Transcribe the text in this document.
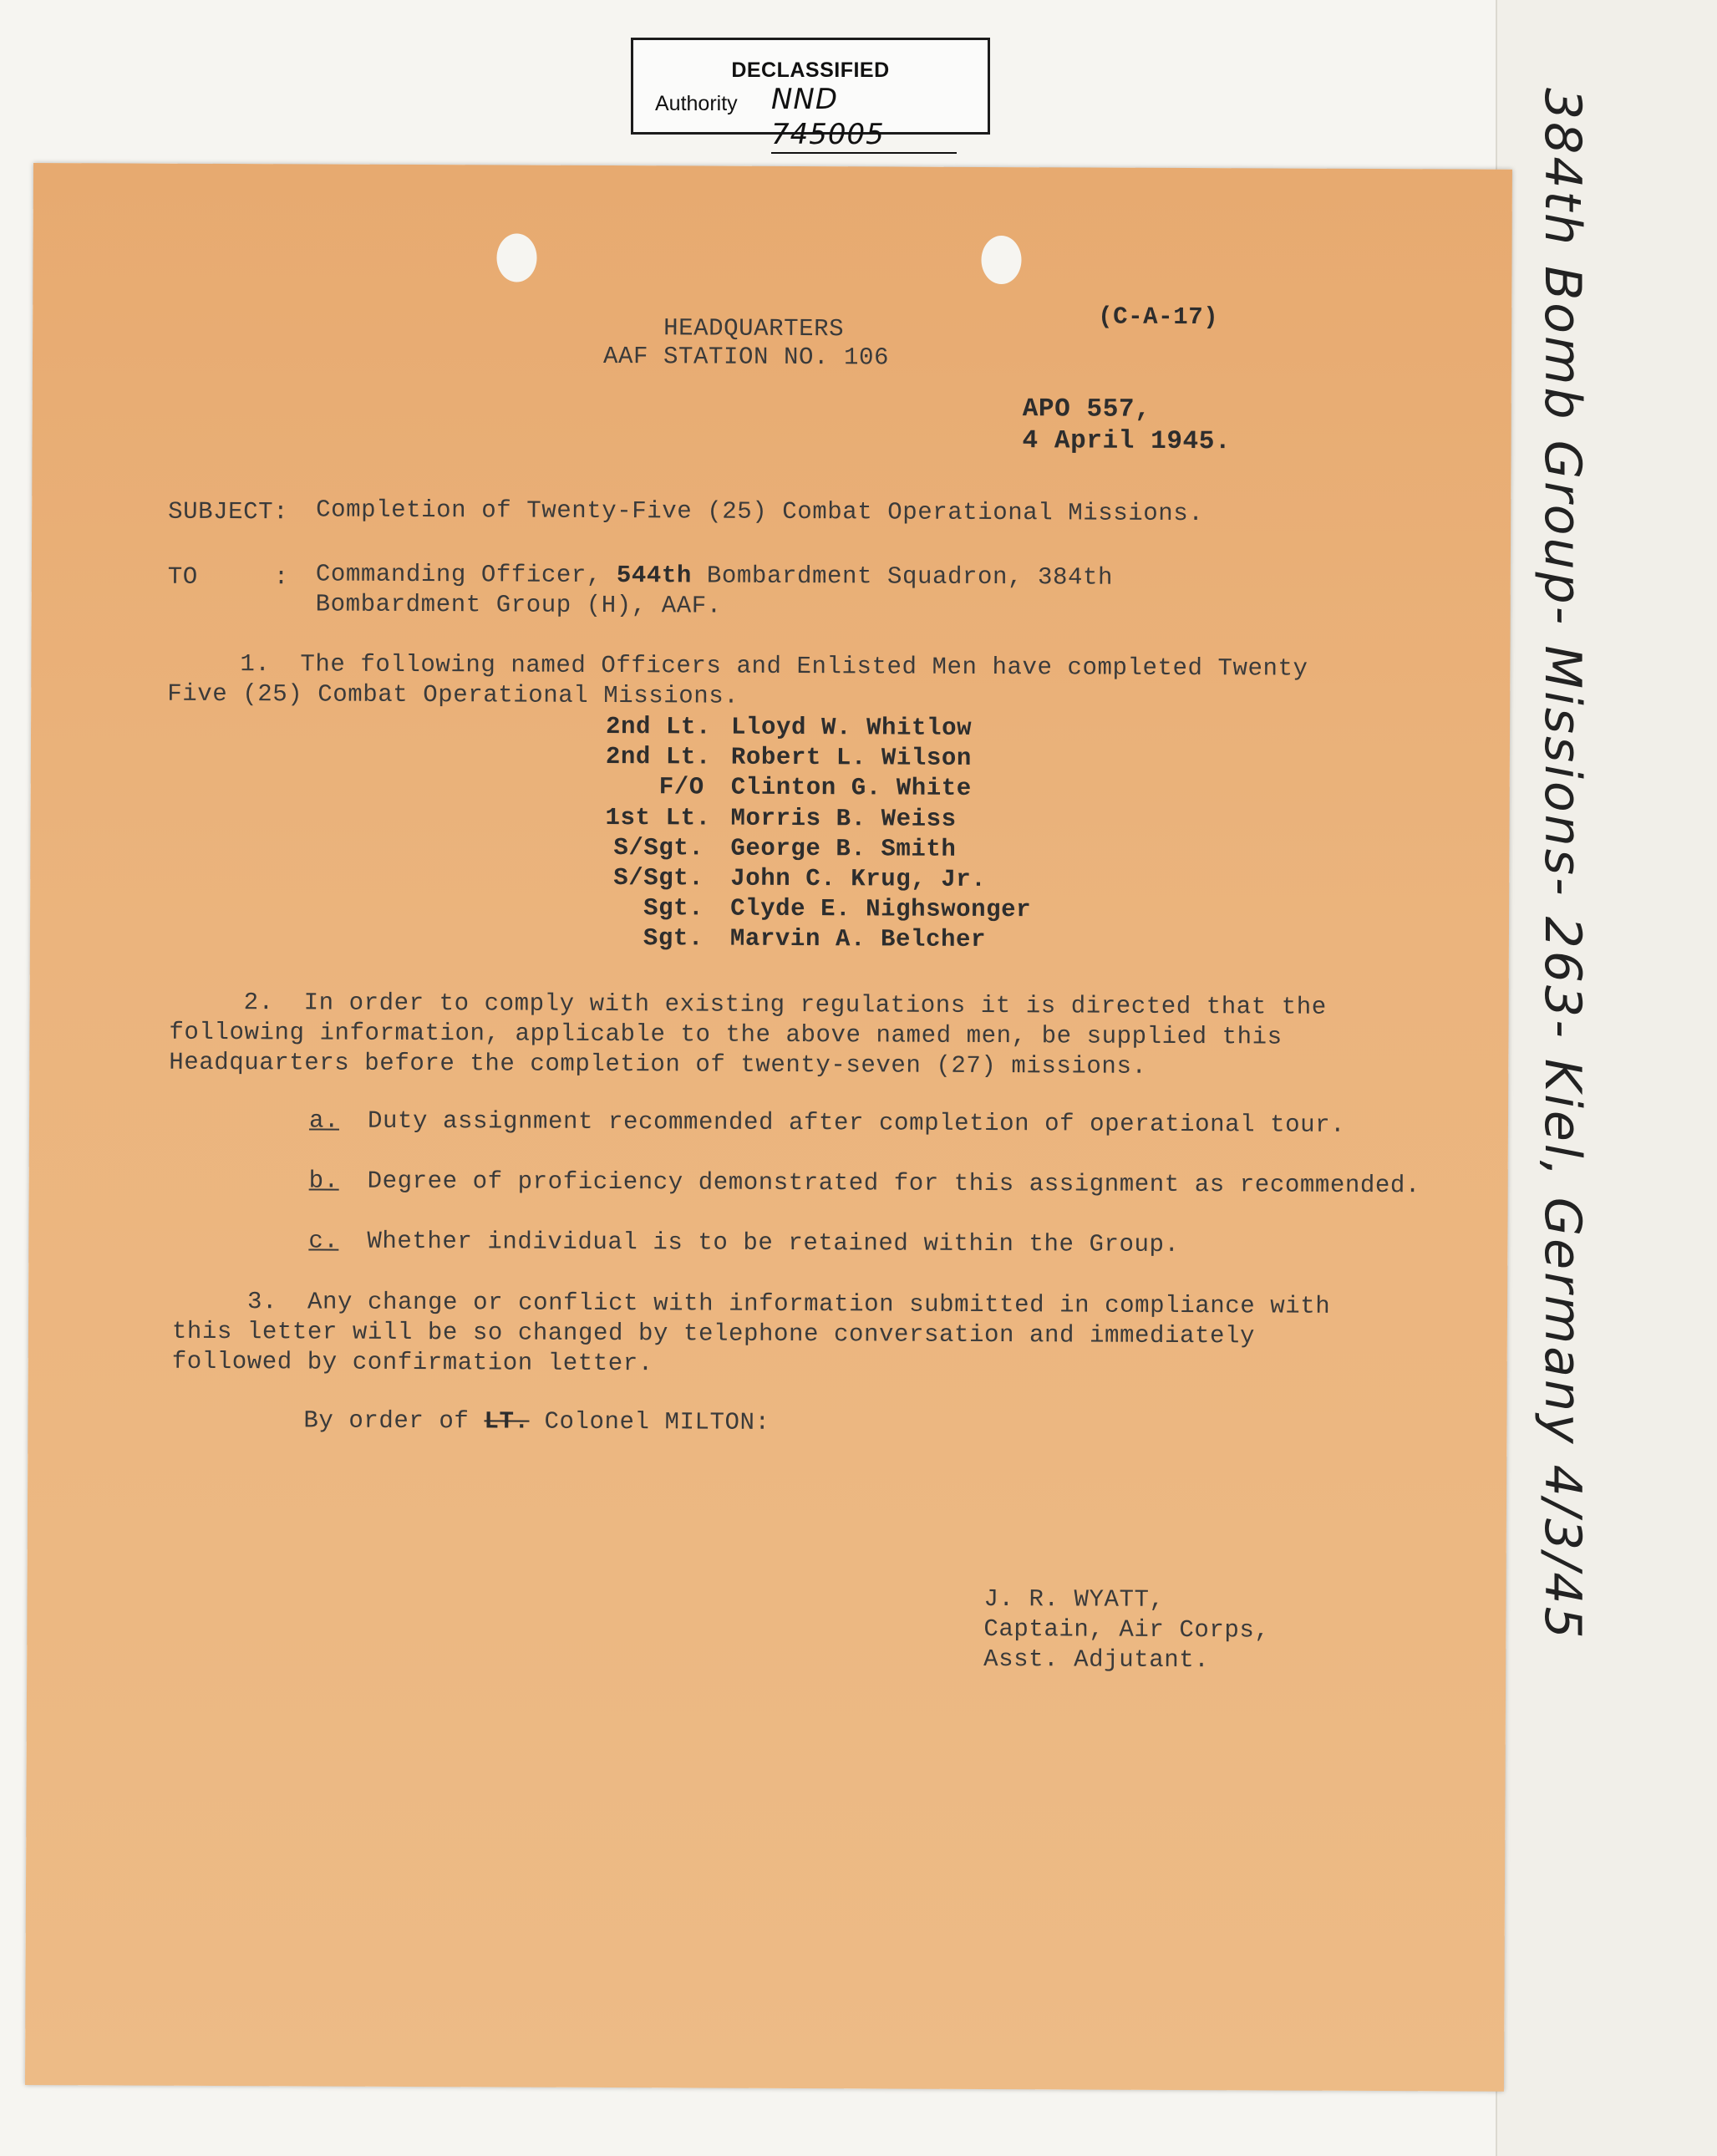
DECLASSIFIED
Authority NND 745005
HEADQUARTERS	(C-A-17)
AAF STATION NO. 106
APO 557,
4 April 1945.
SUBJECT: Completion of Twenty-Five (25) Combat Operational Missions.
TO	: Commanding Officer, 544th Bombardment Squadron, 384th
Bombardment Group (H), AAF.
1.  The following named Officers and Enlisted Men have completed Twenty
Five (25) Combat Operational Missions.
2nd Lt. Lloyd W. Whitlow
2nd Lt. Robert L. Wilson
F/O Clinton G. White
1st Lt. Morris B. Weiss
S/Sgt. George B. Smith
S/Sgt. John C. Krug, Jr.
Sgt. Clyde E. Nighswonger
Sgt. Marvin A. Belcher
2.  In order to comply with existing regulations it is directed that the
following information, applicable to the above named men, be supplied this
Headquarters before the completion of twenty-seven (27) missions.
a. Duty assignment recommended after completion of operational tour.
b. Degree of proficiency demonstrated for this assignment as recommended.
c. Whether individual is to be retained within the Group.
3.  Any change or conflict with information submitted in compliance with
this letter will be so changed by telephone conversation and immediately
followed by confirmation letter.
By order of LT. Colonel MILTON:
J. R. WYATT,
Captain, Air Corps,
Asst. Adjutant.
384th Bomb Group- Missions- 263- Kiel, Germany 4/3/45
